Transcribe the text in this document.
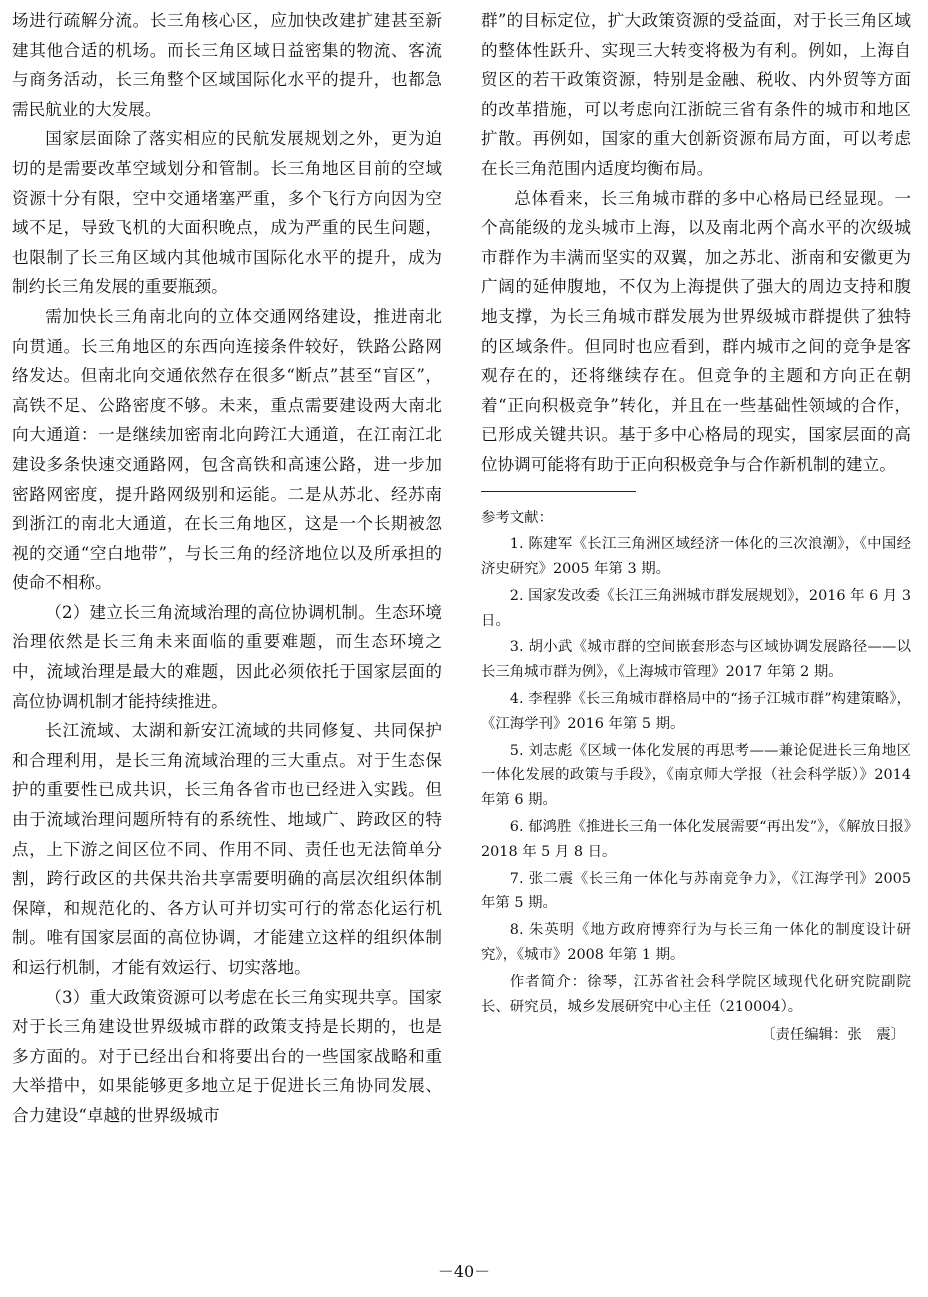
场进行疏解分流。长三角核心区，应加快改建扩建甚至新建其他合适的机场。而长三角区域日益密集的物流、客流与商务活动，长三角整个区域国际化水平的提升，也都急需民航业的大发展。

国家层面除了落实相应的民航发展规划之外，更为迫切的是需要改革空域划分和管制。长三角地区目前的空域资源十分有限，空中交通堵塞严重，多个飞行方向因为空域不足，导致飞机的大面积晚点，成为严重的民生问题，也限制了长三角区域内其他城市国际化水平的提升，成为制约长三角发展的重要瓶颈。

需加快长三角南北向的立体交通网络建设，推进南北向贯通。长三角地区的东西向连接条件较好，铁路公路网络发达。但南北向交通依然存在很多“断点”甚至“盲区”，高铁不足、公路密度不够。未来，重点需要建设两大南北向大通道：一是继续加密南北向跨江大通道，在江南江北建设多条快速交通路网，包含高铁和高速公路，进一步加密路网密度，提升路网级别和运能。二是从苏北、经苏南到浙江的南北大通道，在长三角地区，这是一个长期被忽视的交通“空白地带”，与长三角的经济地位以及所承担的使命不相称。

（2）建立长三角流域治理的高位协调机制。生态环境治理依然是长三角未来面临的重要难题，而生态环境之中，流域治理是最大的难题，因此必须依托于国家层面的高位协调机制才能持续推进。

长江流域、太湖和新安江流域的共同修复、共同保护和合理利用，是长三角流域治理的三大重点。对于生态保护的重要性已成共识，长三角各省市也已经进入实践。但由于流域治理问题所特有的系统性、地域广、跨政区的特点，上下游之间区位不同、作用不同、责任也无法简单分割，跨行政区的共保共治共享需要明确的高层次组织体制保障，和规范化的、各方认可并切实可行的常态化运行机制。唯有国家层面的高位协调，才能建立这样的组织体制和运行机制，才能有效运行、切实落地。

（3）重大政策资源可以考虑在长三角实现共享。国家对于长三角建设世界级城市群的政策支持是长期的，也是多方面的。对于已经出台和将要出台的一些国家战略和重大举措中，如果能够更多地立足于促进长三角协同发展、合力建设“卓越的世界级城市

群”的目标定位，扩大政策资源的受益面，对于长三角区域的整体性跃升、实现三大转变将极为有利。例如，上海自贸区的若干政策资源，特别是金融、税收、内外贸等方面的改革措施，可以考虑向江浙皖三省有条件的城市和地区扩散。再例如，国家的重大创新资源布局方面，可以考虑在长三角范围内适度均衡布局。

总体看来，长三角城市群的多中心格局已经显现。一个高能级的龙头城市上海，以及南北两个高水平的次级城市群作为丰满而坚实的双翼，加之苏北、浙南和安徽更为广阔的延伸腹地，不仅为上海提供了强大的周边支持和腹地支撑，为长三角城市群发展为世界级城市群提供了独特的区域条件。但同时也应看到，群内城市之间的竞争是客观存在的，还将继续存在。但竞争的主题和方向正在朝着“正向积极竞争”转化，并且在一些基础性领域的合作，已形成关键共识。基于多中心格局的现实，国家层面的高位协调可能将有助于正向积极竞争与合作新机制的建立。

参考文献：

1. 陈建军《长江三角洲区域经济一体化的三次浪潮》，《中国经济史研究》2005 年第 3 期。

2. 国家发改委《长江三角洲城市群发展规划》，2016 年 6 月 3 日。

3. 胡小武《城市群的空间嵌套形态与区域协调发展路径——以长三角城市群为例》，《上海城市管理》2017 年第 2 期。

4. 李程骅《长三角城市群格局中的“扬子江城市群”构建策略》，《江海学刊》2016 年第 5 期。

5. 刘志彪《区域一体化发展的再思考——兼论促进长三角地区一体化发展的政策与手段》，《南京师大学报（社会科学版）》2014 年第 6 期。

6. 郁鸿胜《推进长三角一体化发展需要“再出发”》，《解放日报》2018 年 5 月 8 日。

7. 张二震《长三角一体化与苏南竞争力》，《江海学刊》2005 年第 5 期。

8. 朱英明《地方政府博弈行为与长三角一体化的制度设计研究》，《城市》2008 年第 1 期。

作者简介：徐琴，江苏省社会科学院区域现代化研究院副院长、研究员，城乡发展研究中心主任（210004）。

〔责任编辑：张　震〕

－40－
